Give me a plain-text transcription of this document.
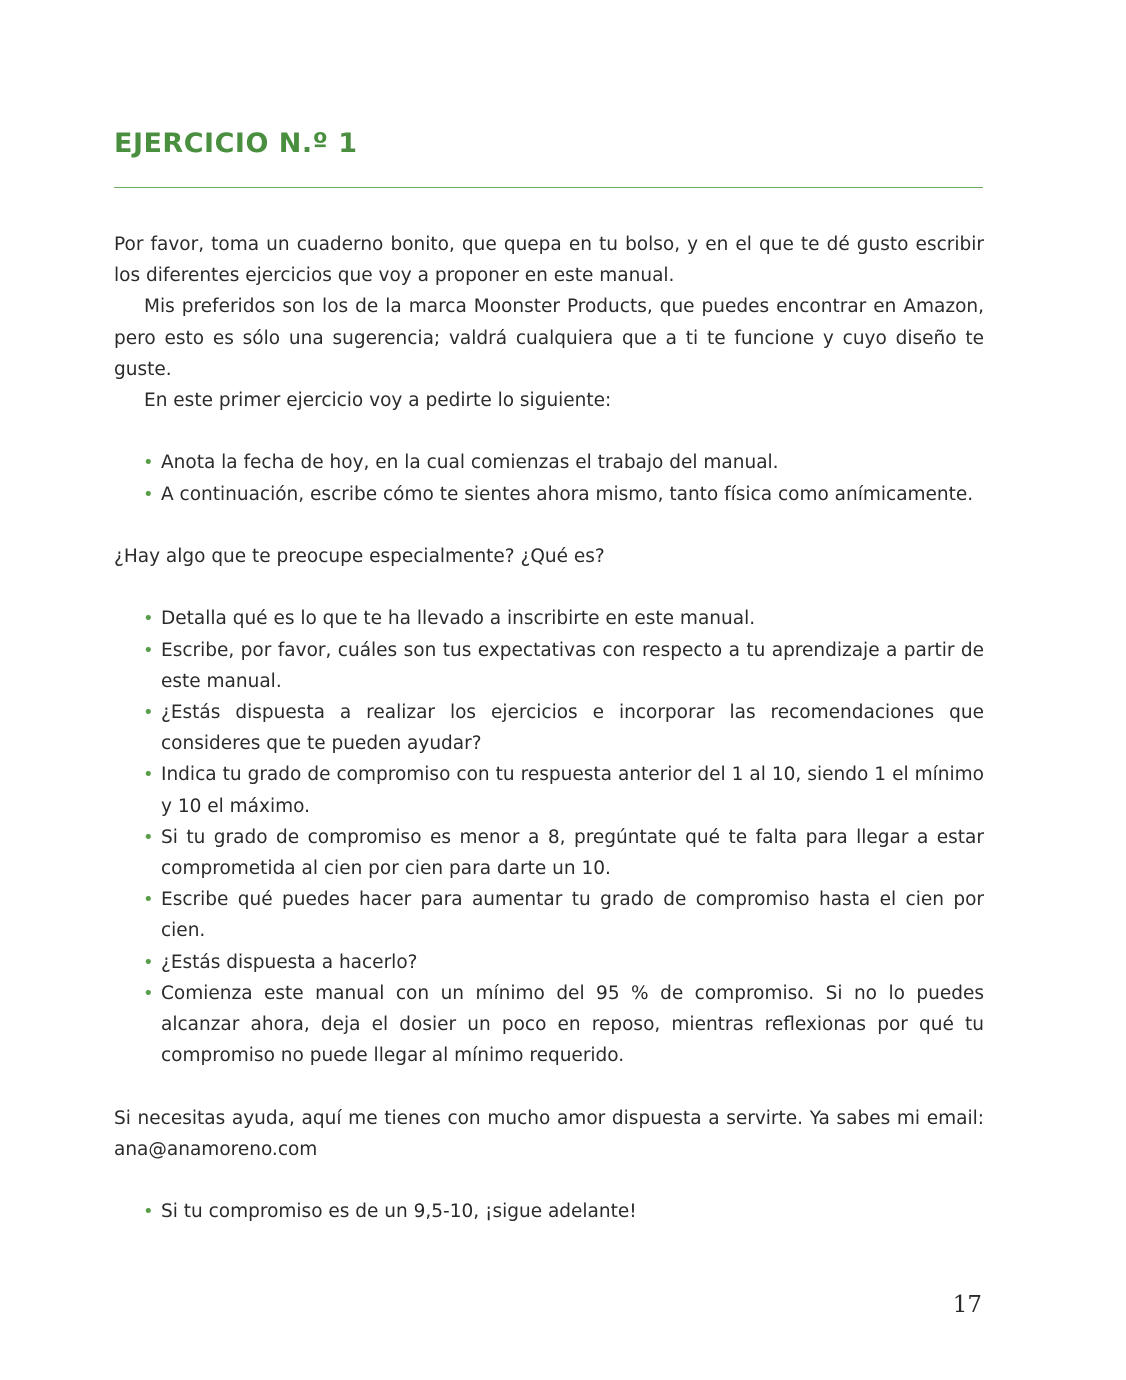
EJERCICIO N.º 1

Por favor, toma un cuaderno bonito, que quepa en tu bolso, y en el que te dé gusto escribir los diferentes ejercicios que voy a proponer en este manual.

Mis preferidos son los de la marca Moonster Products, que puedes encontrar en Amazon, pero esto es sólo una sugerencia; valdrá cualquiera que a ti te funcione y cuyo diseño te guste.

En este primer ejercicio voy a pedirte lo siguiente:

• Anota la fecha de hoy, en la cual comienzas el trabajo del manual.
• A continuación, escribe cómo te sientes ahora mismo, tanto física como anímicamente.

¿Hay algo que te preocupe especialmente? ¿Qué es?

• Detalla qué es lo que te ha llevado a inscribirte en este manual.
• Escribe, por favor, cuáles son tus expectativas con respecto a tu aprendizaje a partir de este manual.
• ¿Estás dispuesta a realizar los ejercicios e incorporar las recomendaciones que consideres que te pueden ayudar?
• Indica tu grado de compromiso con tu respuesta anterior del 1 al 10, siendo 1 el mínimo y 10 el máximo.
• Si tu grado de compromiso es menor a 8, pregúntate qué te falta para llegar a estar comprometida al cien por cien para darte un 10.
• Escribe qué puedes hacer para aumentar tu grado de compromiso hasta el cien por cien.
• ¿Estás dispuesta a hacerlo?
• Comienza este manual con un mínimo del 95 % de compromiso. Si no lo puedes alcanzar ahora, deja el dosier un poco en reposo, mientras reflexionas por qué tu compromiso no puede llegar al mínimo requerido.

Si necesitas ayuda, aquí me tienes con mucho amor dispuesta a servirte. Ya sabes mi email: ana@anamoreno.com

• Si tu compromiso es de un 9,5-10, ¡sigue adelante!
17
